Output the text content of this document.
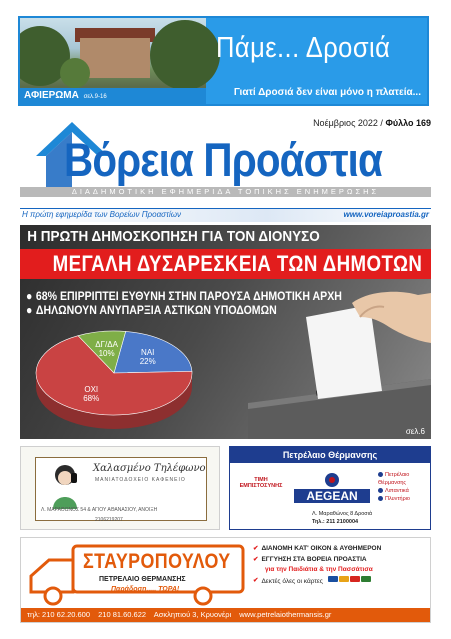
ΑΦΙΕΡΩΜΑ σελ.9-16
Πάμε... Δροσιά
Γιατί Δροσιά δεν είναι μόνο η πλατεία...
Νοέμβριος 2022 / Φύλλο 169
Βόρεια Προάστια
ΔΙΑΔΗΜΟΤΙΚΗ ΕΦΗΜΕΡΙΔΑ ΤΟΠΙΚΗΣ ΕΝΗΜΕΡΩΣΗΣ
Η πρώτη εφημερίδα των Βορείων Προαστίων	www.voreiaproastia.gr
Η ΠΡΩΤΗ ΔΗΜΟΣΚΟΠΗΣΗ ΓΙΑ ΤΟΝ ΔΙΟΝΥΣΟ
ΜΕΓΑΛΗ ΔΥΣΑΡΕΣΚΕΙΑ ΤΩΝ ΔΗΜΟΤΩΝ
● 68% ΕΠΙΡΡΙΠΤΕΙ ΕΥΘΥΝΗ ΣΤΗΝ ΠΑΡΟΥΣΑ ΔΗΜΟΤΙΚΗ ΑΡΧΗ
● ΔΗΛΩΝΟΥΝ ΑΝΥΠΑΡΞΙΑ ΑΣΤΙΚΩΝ ΥΠΟΔΟΜΩΝ
ΝΑΙ
22%
ΟΧΙ
68%
ΔΓ/ΔΑ
10%
σελ.6
Χαλασμένο Τηλέφωνο
ΜΑΝΙΑΤΟΔΟΧΕΙΟ ΚΑΦΕΝΕΙΟ
Λ. ΜΑΡΑΘΩΝΟΣ 54 & ΑΓΙΟΥ ΑΘΑΝΑΣΙΟΥ, ΑΝΟΙΞΗ
2106219207
Πετρέλαιο Θέρμανσης
ΤΙΜΗ ΕΜΠΙΣΤΟΣΥΝΗΣ
AEGEAN
Πετρέλαιο Θέρμανσης
Λιπαντικά
Πλυντήριο
Λ. Μαραθώνος 8 Δροσιά
Τηλ.: 211 2100004
ΣΤΑΥΡΟΠΟΥΛΟΥ
ΠΕΤΡΕΛΑΙΟ ΘΕΡΜΑΝΣΗΣ
Παράδοση..... ΤΩΡΑ!
✔ ΔΙΑΝΟΜΗ ΚΑΤ' ΟΙΚΟΝ & ΑΥΘΗΜΕΡΟΝ
✔ ΕΓΓΥΗΣΗ ΣΤΑ ΒΟΡΕΙΑ ΠΡΟΑΣΤΙΑ
για την Παιδιάτια & την Πασσάτισα
✔ Δεκτές όλες οι κάρτες
τηλ: 210 62.20.600 210 81.60.622 Ασκληπιού 3, Κρυονέρι www.petrelaiothermansis.gr
